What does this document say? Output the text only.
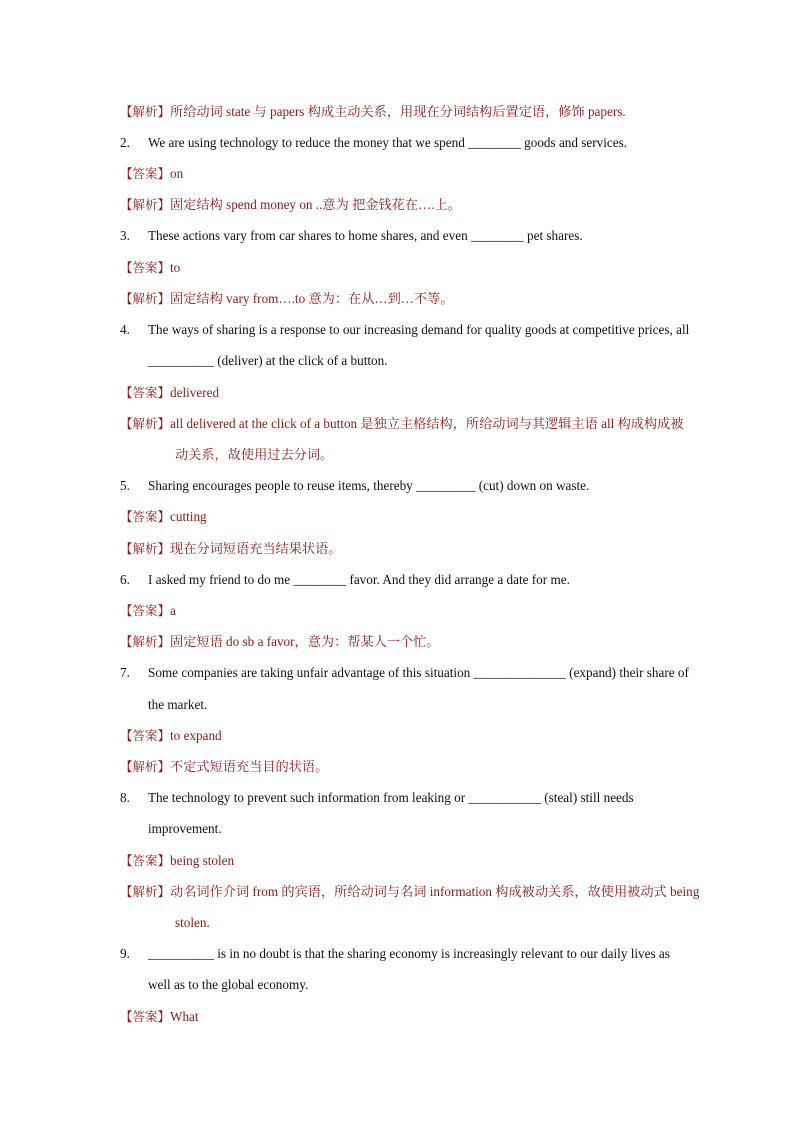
【解析】所给动词 state 与 papers 构成主动关系，用现在分词结构后置定语，修饰 papers.
2. We are using technology to reduce the money that we spend ________ goods and services.
【答案】on
【解析】固定结构 spend money on ..意为 把金钱花在….上。
3. These actions vary from car shares to home shares, and even ________ pet shares.
【答案】to
【解析】固定结构 vary from….to 意为：在从…到…不等。
4. The ways of sharing is a response to our increasing demand for quality goods at competitive prices, all
__________ (deliver) at the click of a button.
【答案】delivered
【解析】all delivered at the click of a button 是独立主格结构，所给动词与其逻辑主语 all 构成构成被
动关系，故使用过去分词。
5. Sharing encourages people to reuse items, thereby _________ (cut) down on waste.
【答案】cutting
【解析】现在分词短语充当结果状语。
6. I asked my friend to do me ________ favor. And they did arrange a date for me.
【答案】a
【解析】固定短语 do sb a favor，意为：帮某人一个忙。
7. Some companies are taking unfair advantage of this situation ______________ (expand) their share of
the market.
【答案】to expand
【解析】不定式短语充当目的状语。
8. The technology to prevent such information from leaking or ___________ (steal) still needs
improvement.
【答案】being stolen
【解析】动名词作介词 from 的宾语，所给动词与名词 information 构成被动关系，故使用被动式 being
stolen.
9. __________ is in no doubt is that the sharing economy is increasingly relevant to our daily lives as
well as to the global economy.
【答案】What
